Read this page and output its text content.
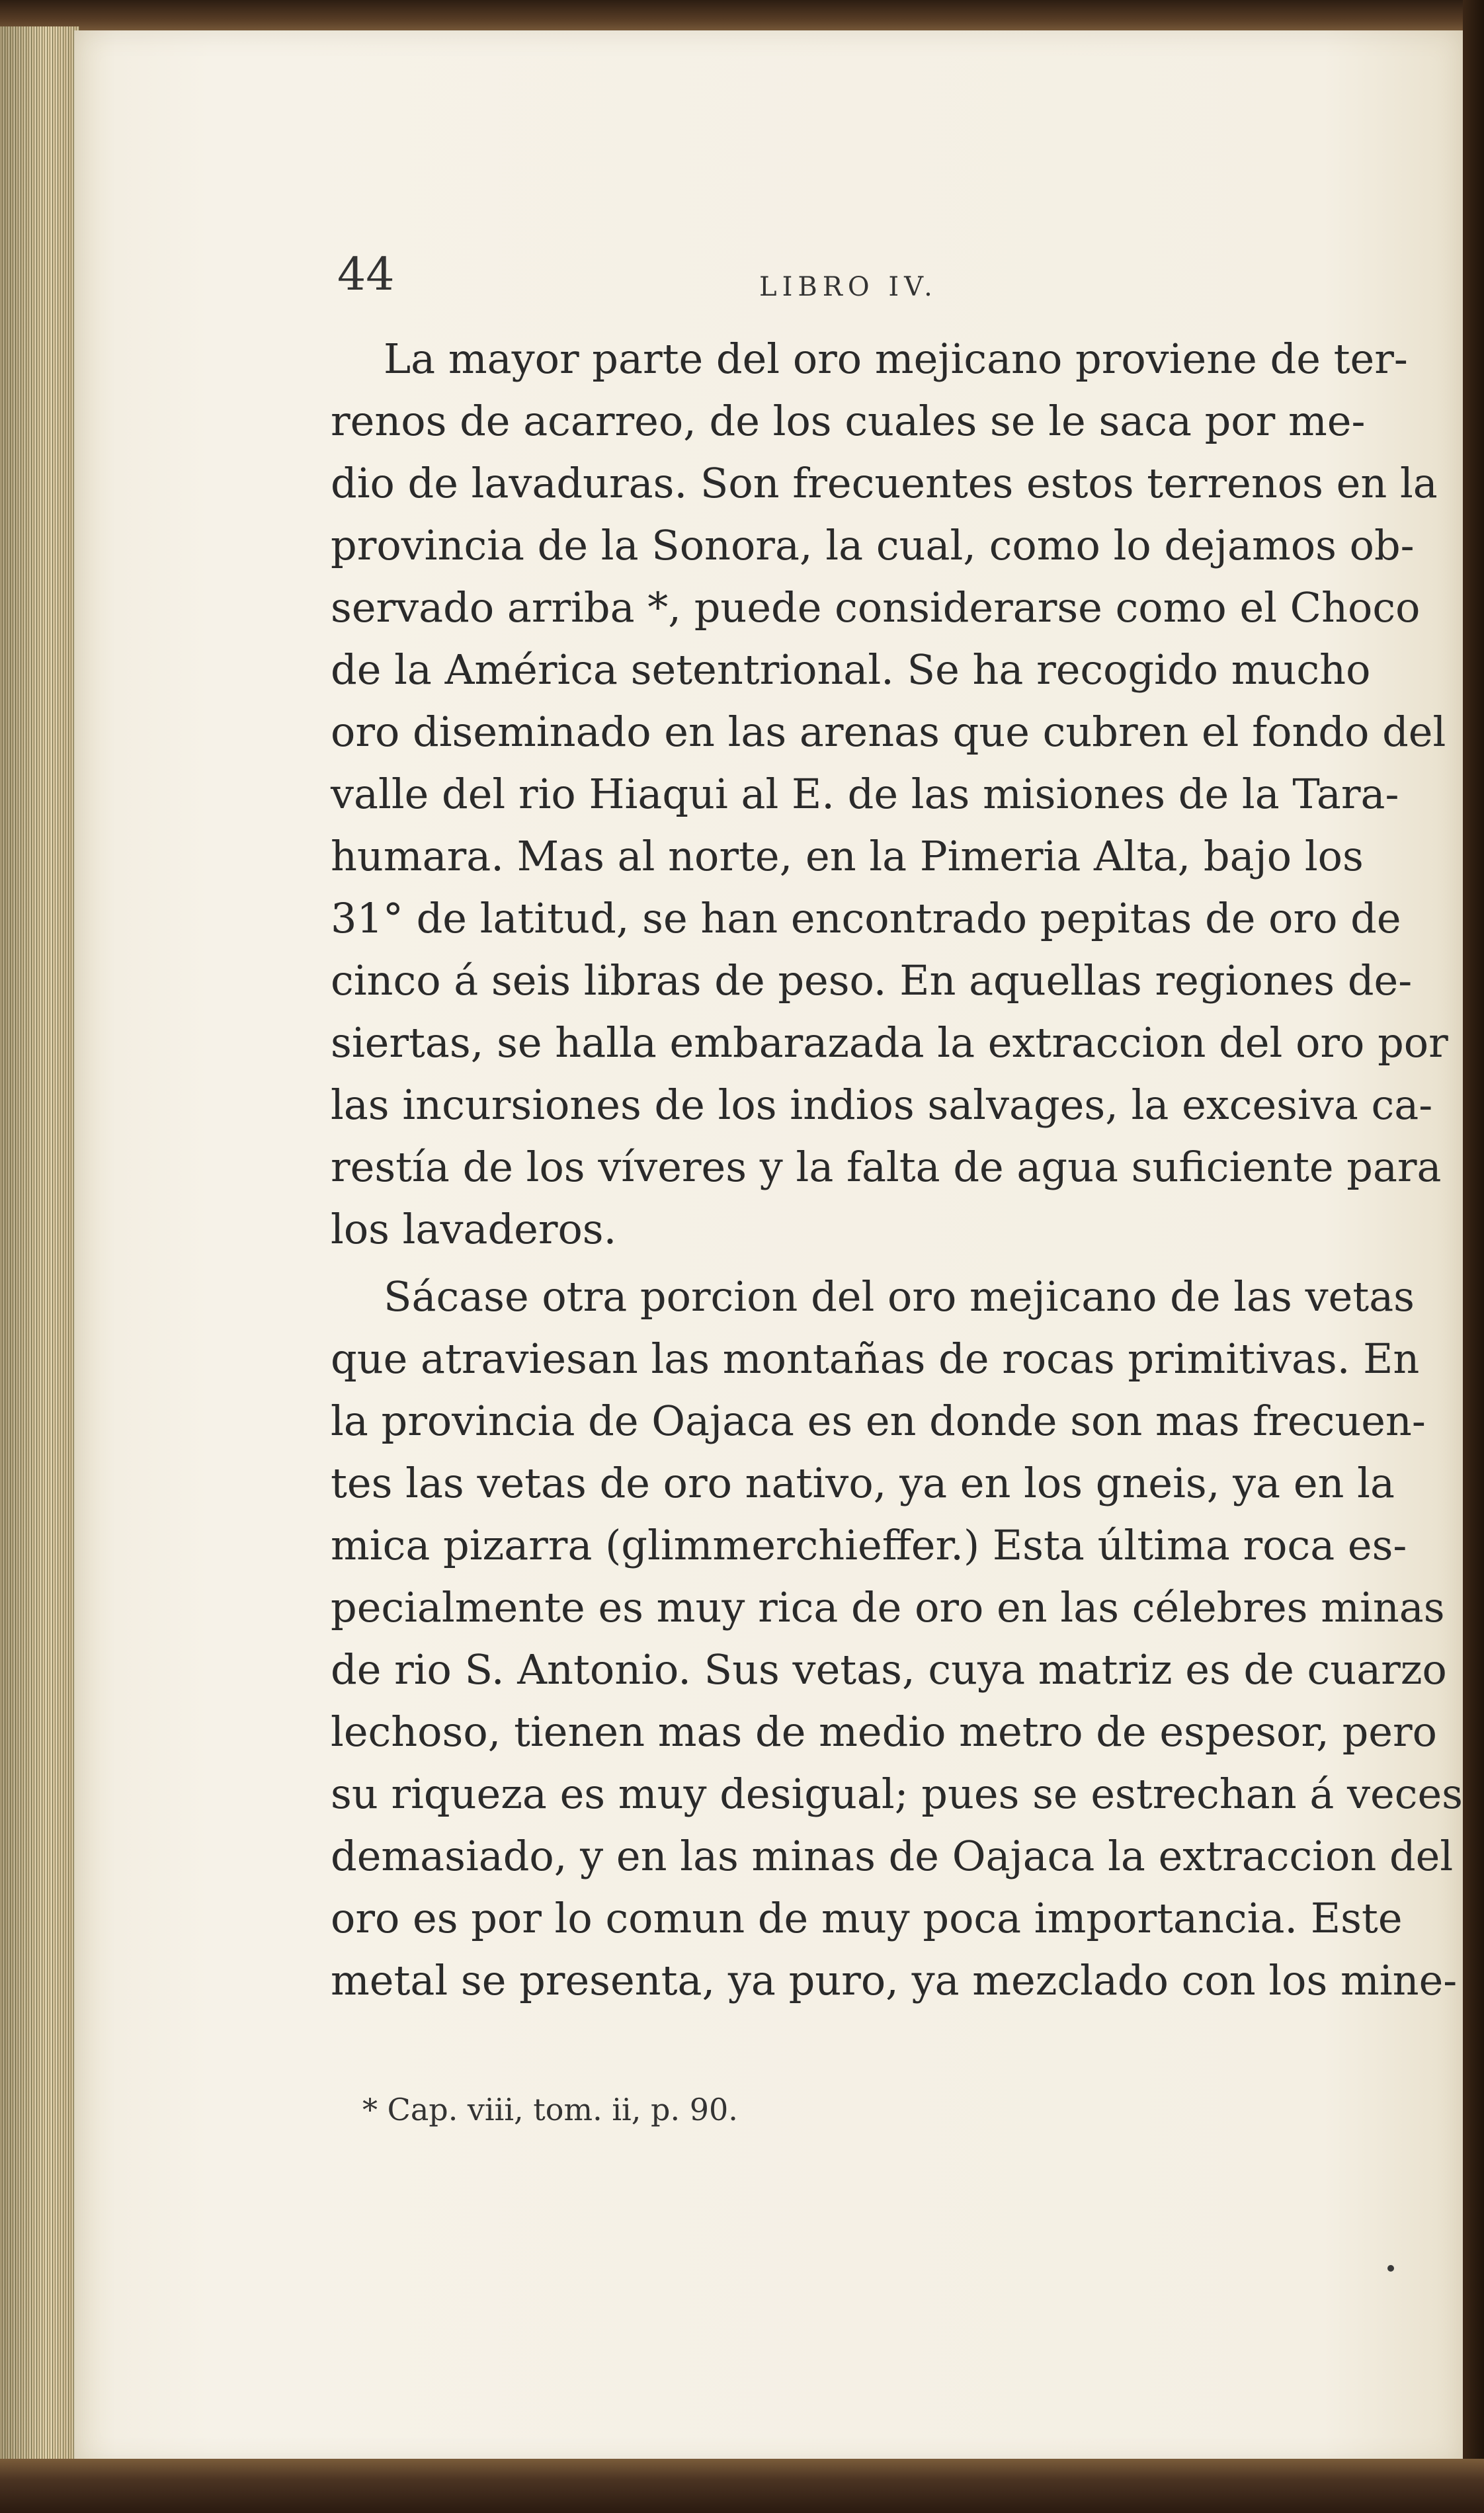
44	LIBRO IV.
La mayor parte del oro mejicano proviene de ter-
renos de acarreo, de los cuales se le saca por me-
dio de lavaduras. Son frecuentes estos terrenos en la
provincia de la Sonora, la cual, como lo dejamos ob-
servado arriba *, puede considerarse como el Choco
de la América setentrional. Se ha recogido mucho
oro diseminado en las arenas que cubren el fondo del
valle del rio Hiaqui al E. de las misiones de la Tara-
humara. Mas al norte, en la Pimeria Alta, bajo los
31° de latitud, se han encontrado pepitas de oro de
cinco á seis libras de peso. En aquellas regiones de-
siertas, se halla embarazada la extraccion del oro por
las incursiones de los indios salvages, la excesiva ca-
restía de los víveres y la falta de agua suficiente para
los lavaderos.
Sácase otra porcion del oro mejicano de las vetas
que atraviesan las montañas de rocas primitivas. En
la provincia de Oajaca es en donde son mas frecuen-
tes las vetas de oro nativo, ya en los gneis, ya en la
mica pizarra (glimmerchieffer.) Esta última roca es-
pecialmente es muy rica de oro en las célebres minas
de rio S. Antonio. Sus vetas, cuya matriz es de cuarzo
lechoso, tienen mas de medio metro de espesor, pero
su riqueza es muy desigual; pues se estrechan á veces
demasiado, y en las minas de Oajaca la extraccion del
oro es por lo comun de muy poca importancia. Este
metal se presenta, ya puro, ya mezclado con los mine-
* Cap. viii, tom. ii, p. 90.
